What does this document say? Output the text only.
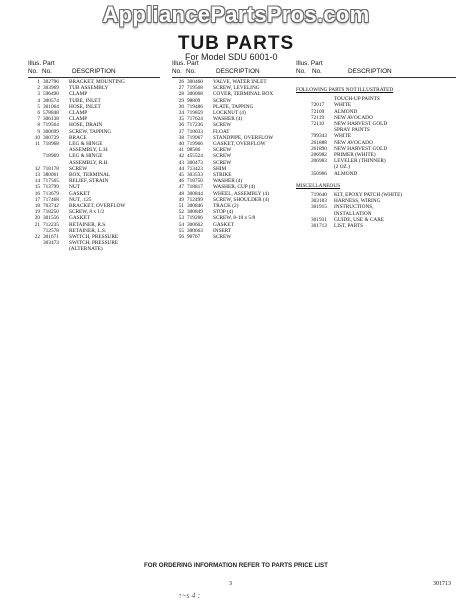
AppliancePartsPros.com
TUB PARTS
For Model SDU 6001-0
Illus. Part
No. No.	DESCRIPTION
1 302796	BRACKET, MOUNTING
2 303969	TUB ASSEMBLY
3 596490	CLAMP
4 300574	TUBE, INLET
5 301064	HOSE, INLET
6 578848	CLAMP
7 306138	CLAMP
8 719564	HOSE, DRAIN
9 300699	SCREW, TAPPING
10 300739	BRACE
11 718968	LEG & HINGE
ASSEMBLY, L.H.
718969	LEG & HINGE
ASSEMBLY, R.H.
12 718178	SCREW
13 380061	BOX, TERMINAL
14 717565	RELIEF, STRAIN
15 713799	NUT
16 713679	GASKET
17 717468	NUT, .125
18 703742	BRACKET, OVERFLOW
19 718250	SCREW, 8 x 1/2
20 301556	GASKET
21 712235	RETAINER, R.S.
712578	RETAINER, L.S.
22 301671	SWITCH, PRESSURE
303473	SWITCH, PRESSURE
(ALTERNATE)
Illus. Part
No. No.	DESCRIPTION
26 300460	VALVE, WATER INLET
27 719568	SCREW, LEVELING
28 300068	COVER, TERMINAL BOX
29 98809	SCREW
30 719486	PLATE, TAPPING
34 719859	LOCKNUT (4)
35 717624	WASHER (4)
36 717236	SCREW
37 718033	FLOAT
38 719967	STANDPIPE, OVERFLOW
40 719966	GASKET, OVERFLOW
41 98586	SCREW
42 455524	SCREW
43 300473	SCREW
44 713423	SHIM
45 303533	STRIKE
46 718750	WASHER (4)
47 718817	WASHER, CUP (4)
48 300844	WHEEL, ASSEMBLY (4)
49 712499	SCREW, SHOULDER (4)
51 300846	TRACK (2)
52 300849	STOP (4)
53 719266	SCREW, 8-18 x 5/8
54 300662	GASKET
55 300663	INSERT
56 90767	SCREW
Illus. Part
No. No.	DESCRIPTION
FOLLOWING PARTS NOT ILLUSTRATED
TOUCH-UP PAINTS
72017	WHITE
72109	ALMOND
72119	NEW AVOCADO
72110	NEW HARVEST GOLD
SPRAY PAINTS
799343	WHITE
261888	NEW AVOCADO
261890	NEW HARVEST GOLD
206982	PRIMER (WHITE)
206983	LEVELER (THINNER)
(2 OZ.)
350966	ALMOND
MISCELLANEOUS
719640	KIT, EPOXY PATCH (WHITE)
303183	HARNESS, WIRING
301915	INSTRUCTIONS,
INSTALLATION
301931	GUIDE, USE & CARE
301713	LIST, PARTS
FOR ORDERING INFORMATION REFER TO PARTS PRICE LIST
3	301713
↑~s 4 :
